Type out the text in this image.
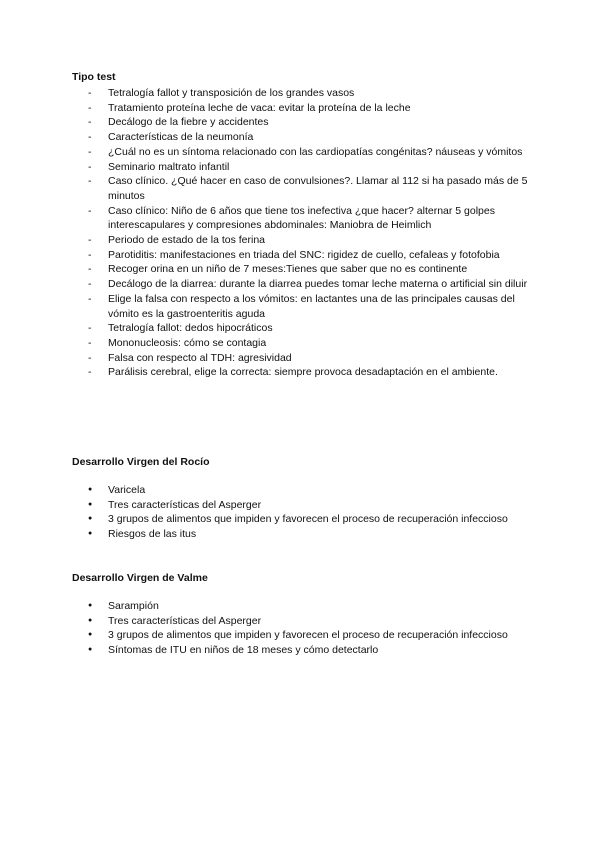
Tipo test
- Tetralogía fallot y transposición de los grandes vasos
- Tratamiento proteína leche de vaca: evitar la proteína de la leche
- Decálogo de la fiebre y accidentes
- Características de la neumonía
- ¿Cuál no es un síntoma relacionado con las cardiopatías congénitas? náuseas y vómitos
- Seminario maltrato infantil
- Caso clínico. ¿Qué hacer en caso de convulsiones?. Llamar al 112 si ha pasado más de 5 minutos
- Caso clínico: Niño de 6 años que tiene tos inefectiva ¿que hacer? alternar 5 golpes interescapulares y compresiones abdominales: Maniobra de Heimlich
- Periodo de estado de la tos ferina
- Parotiditis: manifestaciones en triada del SNC: rigidez de cuello, cefaleas y fotofobia
- Recoger orina en un niño de 7 meses:Tienes que saber que no es continente
- Decálogo de la diarrea: durante la diarrea puedes tomar leche materna o artificial sin diluir
- Elige la falsa con respecto a los vómitos: en lactantes una de las principales causas del vómito es la gastroenteritis aguda
- Tetralogía fallot: dedos hipocráticos
- Mononucleosis: cómo se contagia
- Falsa con respecto al TDH: agresividad
- Parálisis cerebral, elige la correcta: siempre provoca desadaptación en el ambiente.
Desarrollo Virgen del Rocío
● Varicela
● Tres características del Asperger
● 3 grupos de alimentos que impiden y favorecen el proceso de recuperación infeccioso
● Riesgos de las itus
Desarrollo Virgen de Valme
● Sarampión
● Tres características del Asperger
● 3 grupos de alimentos que impiden y favorecen el proceso de recuperación infeccioso
● Síntomas de ITU en niños de 18 meses y cómo detectarlo
